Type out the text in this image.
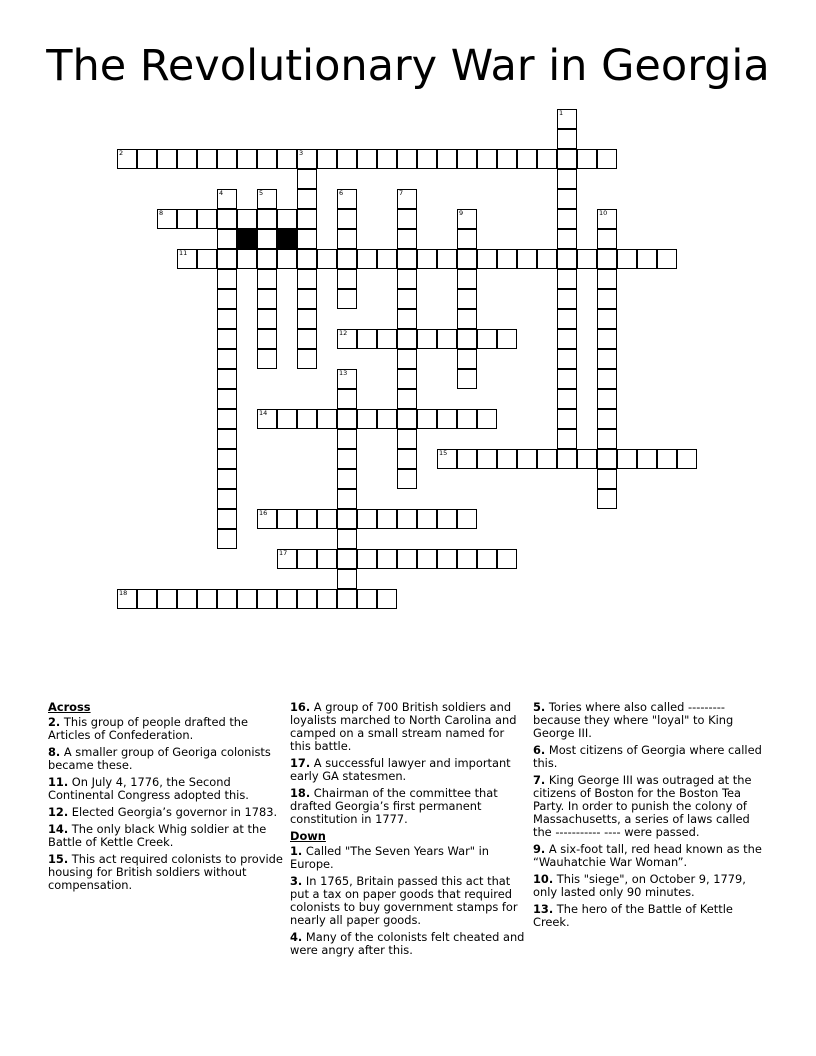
The Revolutionary War in Georgia
1
2	3
4	5	6	7
8	9	10
11
12
13
14
15
16
17
18
Across
2. This group of people drafted the Articles of Confederation.
8. A smaller group of Georiga colonists became these.
11. On July 4, 1776, the Second Continental Congress adopted this.
12. Elected Georgia’s governor in 1783.
14. The only black Whig soldier at the Battle of Kettle Creek.
15. This act required colonists to provide housing for British soldiers without compensation.
16. A group of 700 British soldiers and loyalists marched to North Carolina and camped on a small stream named for this battle.
17. A successful lawyer and important early GA statesmen.
18. Chairman of the committee that drafted Georgia’s first permanent constitution in 1777.
Down
1. Called "The Seven Years War" in Europe.
3. In 1765, Britain passed this act that put a tax on paper goods that required colonists to buy government stamps for nearly all paper goods.
4. Many of the colonists felt cheated and were angry after this.
5. Tories where also called --------- because they where "loyal" to King George III.
6. Most citizens of Georgia where called this.
7. King George III was outraged at the citizens of Boston for the Boston Tea Party. In order to punish the colony of Massachusetts, a series of laws called the ----------- ---- were passed.
9. A six-foot tall, red head known as the “Wauhatchie War Woman”.
10. This "siege", on October 9, 1779, only lasted only 90 minutes.
13. The hero of the Battle of Kettle Creek.
